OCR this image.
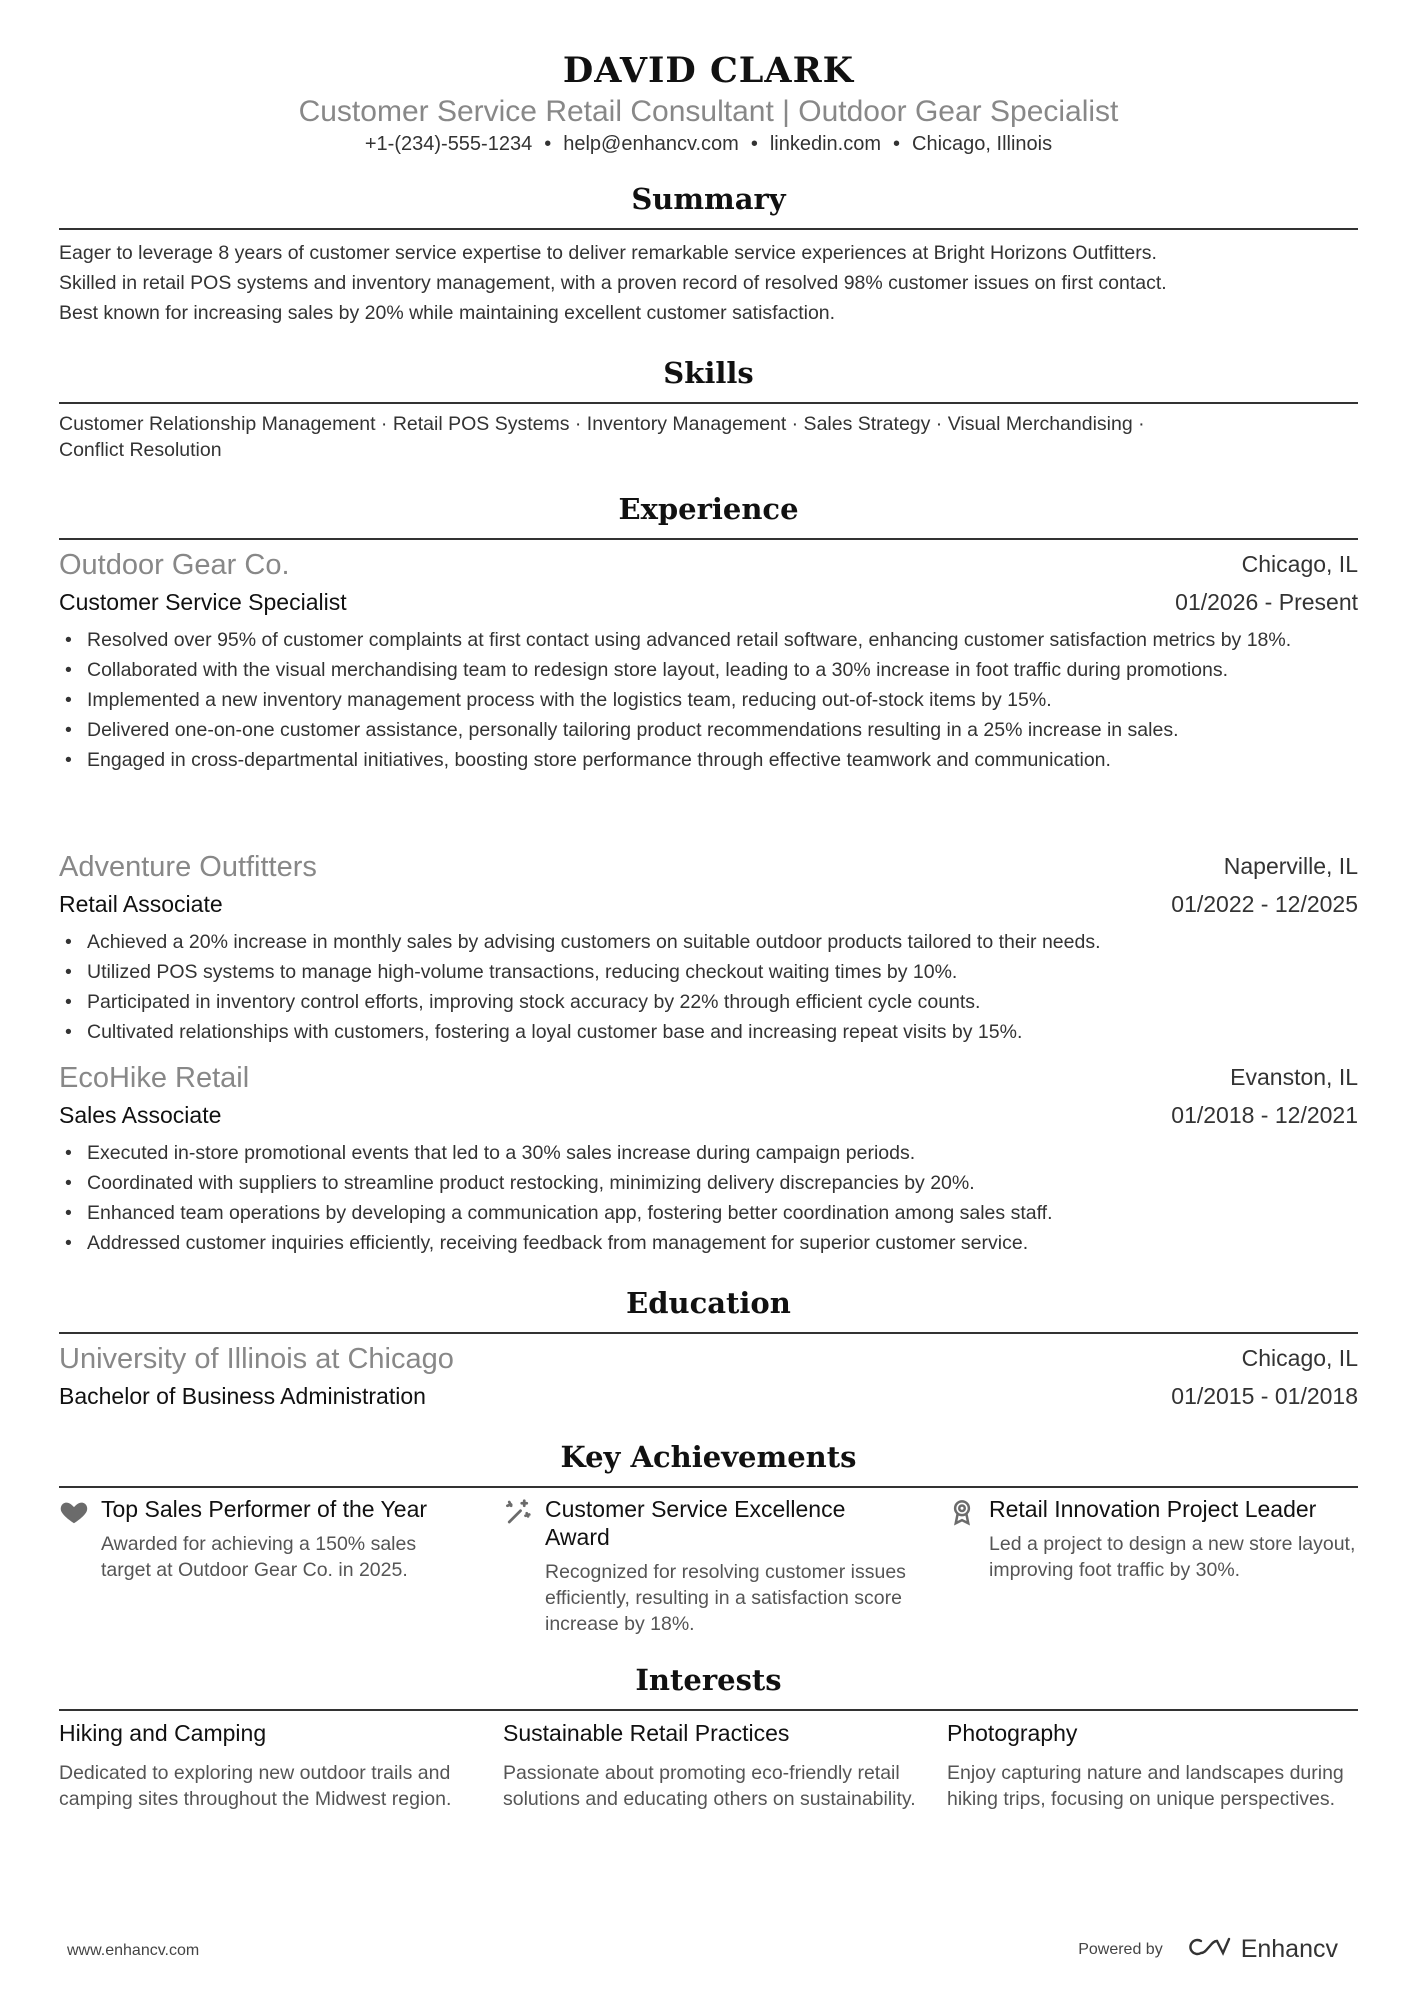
DAVID CLARK
Customer Service Retail Consultant | Outdoor Gear Specialist
+1-(234)-555-1234 • help@enhancv.com • linkedin.com • Chicago, Illinois
Summary
Eager to leverage 8 years of customer service expertise to deliver remarkable service experiences at Bright Horizons Outfitters.
Skilled in retail POS systems and inventory management, with a proven record of resolved 98% customer issues on first contact.
Best known for increasing sales by 20% while maintaining excellent customer satisfaction.
Skills
Customer Relationship Management · Retail POS Systems · Inventory Management · Sales Strategy · Visual Merchandising ·
Conflict Resolution
Experience
Outdoor Gear Co.	Chicago, IL
Customer Service Specialist	01/2026 - Present
• Resolved over 95% of customer complaints at first contact using advanced retail software, enhancing customer satisfaction metrics by 18%.
• Collaborated with the visual merchandising team to redesign store layout, leading to a 30% increase in foot traffic during promotions.
• Implemented a new inventory management process with the logistics team, reducing out-of-stock items by 15%.
• Delivered one-on-one customer assistance, personally tailoring product recommendations resulting in a 25% increase in sales.
• Engaged in cross-departmental initiatives, boosting store performance through effective teamwork and communication.
Adventure Outfitters	Naperville, IL
Retail Associate	01/2022 - 12/2025
• Achieved a 20% increase in monthly sales by advising customers on suitable outdoor products tailored to their needs.
• Utilized POS systems to manage high-volume transactions, reducing checkout waiting times by 10%.
• Participated in inventory control efforts, improving stock accuracy by 22% through efficient cycle counts.
• Cultivated relationships with customers, fostering a loyal customer base and increasing repeat visits by 15%.
EcoHike Retail	Evanston, IL
Sales Associate	01/2018 - 12/2021
• Executed in-store promotional events that led to a 30% sales increase during campaign periods.
• Coordinated with suppliers to streamline product restocking, minimizing delivery discrepancies by 20%.
• Enhanced team operations by developing a communication app, fostering better coordination among sales staff.
• Addressed customer inquiries efficiently, receiving feedback from management for superior customer service.
Education
University of Illinois at Chicago	Chicago, IL
Bachelor of Business Administration	01/2015 - 01/2018
Key Achievements
Top Sales Performer of the Year
Awarded for achieving a 150% sales target at Outdoor Gear Co. in 2025.
Customer Service Excellence Award
Recognized for resolving customer issues efficiently, resulting in a satisfaction score increase by 18%.
Retail Innovation Project Leader
Led a project to design a new store layout, improving foot traffic by 30%.
Interests
Hiking and Camping
Dedicated to exploring new outdoor trails and camping sites throughout the Midwest region.
Sustainable Retail Practices
Passionate about promoting eco-friendly retail solutions and educating others on sustainability.
Photography
Enjoy capturing nature and landscapes during hiking trips, focusing on unique perspectives.
www.enhancv.com	Powered by	Enhancv
